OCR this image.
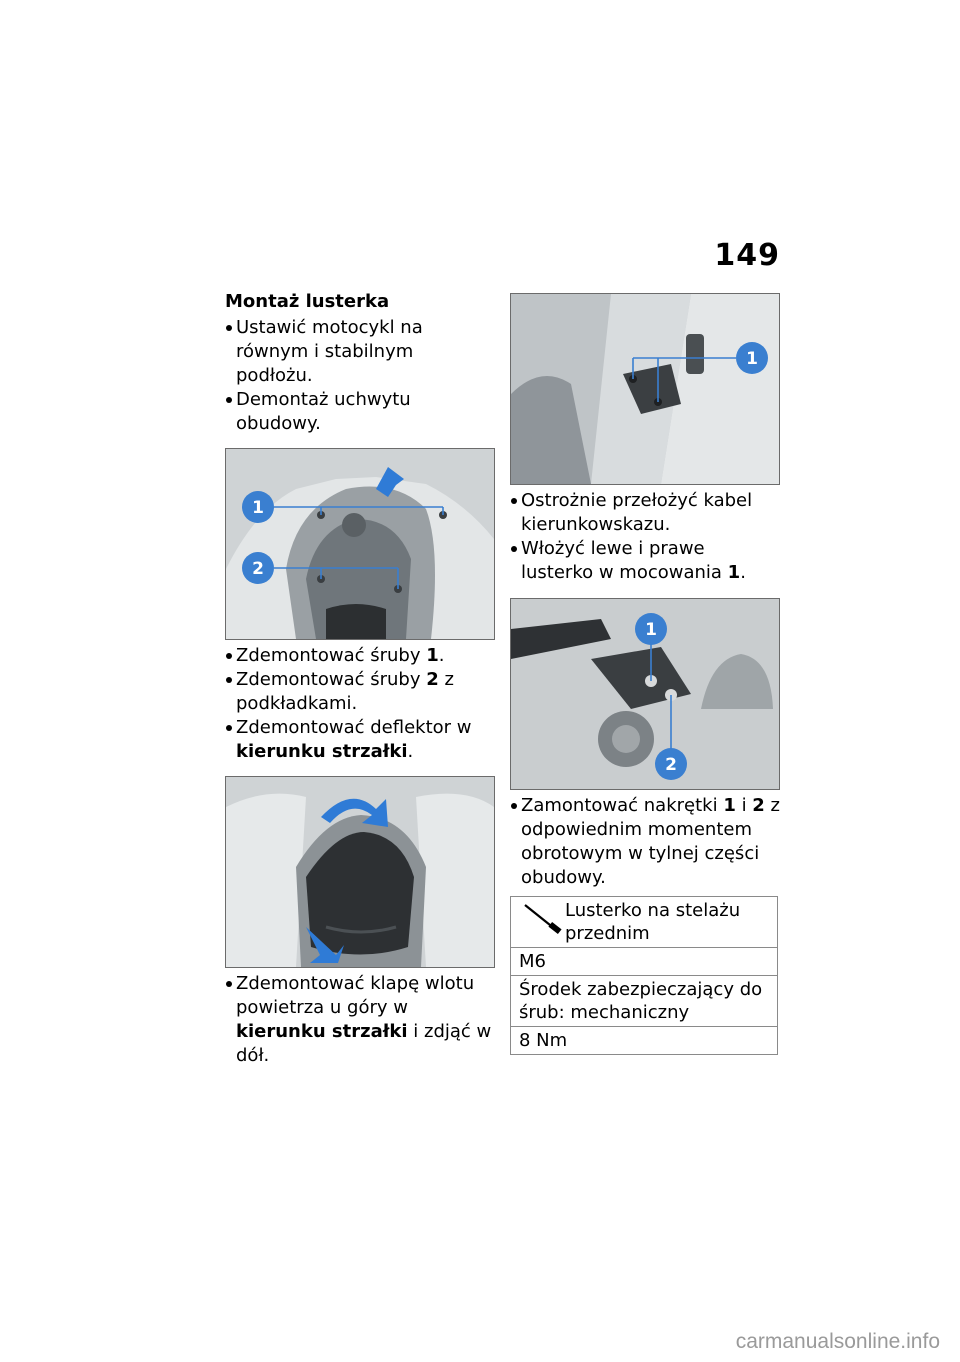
149
Montaż lusterka
Ustawić motocykl na równym i stabilnym podłożu.
Demontaż uchwytu obudowy.
1
2
Zdemontować śruby 1.
Zdemontować śruby 2 z podkładkami.
Zdemontować deflektor w kierunku strzałki.
Zdemontować klapę wlotu powietrza u góry w kierunku strzałki i zdjąć w dół.
1
Ostrożnie przełożyć kabel kierunkowskazu.
Włożyć lewe i prawe lusterko w mocowania 1.
1
2
Zamontować nakrętki 1 i 2 z odpowiednim momentem obrotowym w tylnej części obudowy.
Lusterko na stelażu przednim

M6
Środek zabezpieczający do śrub: mechaniczny
8 Nm
carmanualsonline.info
